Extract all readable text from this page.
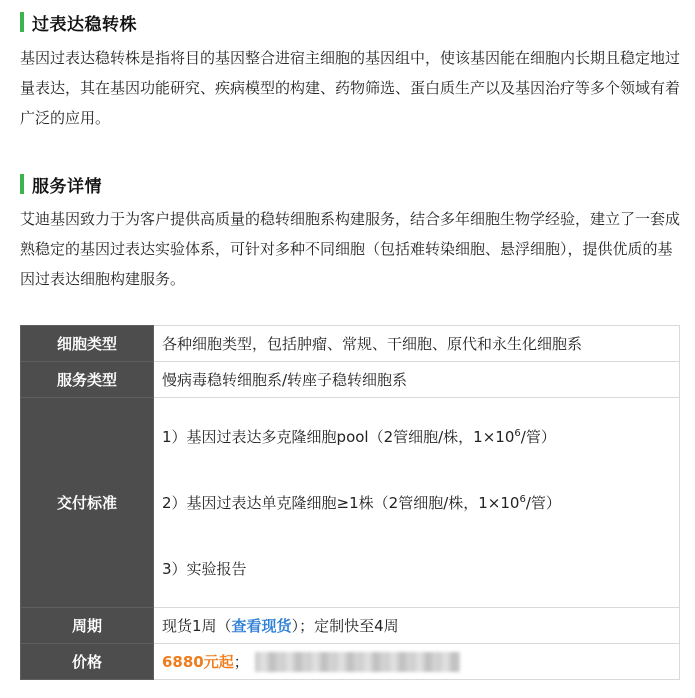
过表达稳转株

基因过表达稳转株是指将目的基因整合进宿主细胞的基因组中，使该基因能在细胞内长期且稳定地过量表达，其在基因功能研究、疾病模型的构建、药物筛选、蛋白质生产以及基因治疗等多个领域有着广泛的应用。

服务详情

艾迪基因致力于为客户提供高质量的稳转细胞系构建服务，结合多年细胞生物学经验，建立了一套成熟稳定的基因过表达实验体系，可针对多种不同细胞（包括难转染细胞、悬浮细胞），提供优质的基因过表达细胞构建服务。

细胞类型	各种细胞类型，包括肿瘤、常规、干细胞、原代和永生化细胞系
服务类型	慢病毒稳转细胞系/转座子稳转细胞系
交付标准	1）基因过表达多克隆细胞pool（2管细胞/株，$1\times 10^6/$管）
2）基因过表达单克隆细胞≥1株（2管细胞/株，$1\times 10^6/$管）
3）实验报告

周期	现货1周（查看现货）；定制快至4周
价格	6880元起；
